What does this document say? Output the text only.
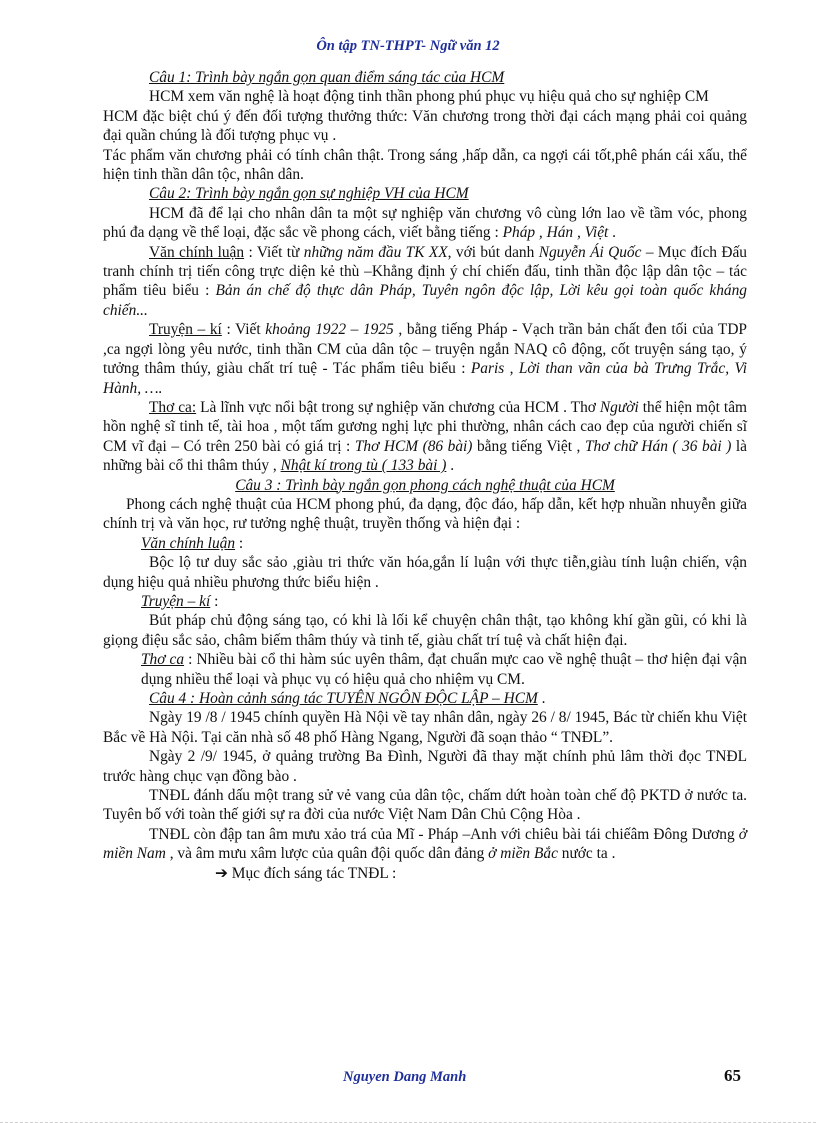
Ôn tập TN-THPT- Ngữ văn 12

Câu 1: Trình bày ngắn gọn quan điểm sáng tác của HCM

HCM xem văn nghệ là hoạt động tinh thần phong phú phục vụ hiệu quả cho sự nghiệp CM

HCM đặc biệt chú ý đến đối tượng thưởng thức: Văn chương trong thời đại cách mạng phải coi quảng đại quần chúng là đối tượng phục vụ .

Tác phẩm văn chương phải có tính chân thật. Trong sáng ,hấp dẫn, ca ngợi cái tốt,phê phán cái xấu, thể hiện tinh thần dân tộc, nhân dân.

Câu 2: Trình bày ngắn gọn sự nghiệp VH của HCM

HCM đã để lại cho nhân dân ta một sự nghiệp văn chương vô cùng lớn lao về tầm vóc, phong phú đa dạng về thể loại, đặc sắc về phong cách, viết bằng tiếng : Pháp , Hán , Việt .

Văn chính luận : Viết từ những năm đầu TK XX, với bút danh Nguyễn Ái Quốc – Mục đích Đấu tranh chính trị tiến công trực diện kẻ thù –Khẳng định ý chí chiến đấu, tinh thần độc lập dân tộc – tác phẩm tiêu biểu : Bản án chế độ thực dân Pháp, Tuyên ngôn độc lập, Lời kêu gọi toàn quốc kháng chiến...

Truyện – kí : Viết khoảng 1922 – 1925 , bằng tiếng Pháp - Vạch trần bản chất đen tối của TDP ,ca ngợi lòng yêu nước, tinh thần CM của dân tộc – truyện ngắn NAQ cô động, cốt truyện sáng tạo, ý tưởng thâm thúy, giàu chất trí tuệ - Tác phẩm tiêu biểu : Paris , Lời than vãn của bà Trưng Trắc, Vi Hành, ….

Thơ ca: Là lĩnh vực nổi bật trong sự nghiệp văn chương của HCM . Thơ Người thể hiện một tâm hồn nghệ sĩ tinh tế, tài hoa , một tấm gương nghị lực phi thường, nhân cách cao đẹp của người chiến sĩ CM vĩ đại – Có trên 250 bài có giá trị : Thơ HCM (86 bài) bằng tiếng Việt , Thơ chữ Hán ( 36 bài ) là những bài cổ thi thâm thúy , Nhật kí trong tù ( 133 bài ) .

Câu 3 : Trình bày ngắn gọn phong cách nghệ thuật của HCM

Phong cách nghệ thuật của HCM phong phú, đa dạng, độc đáo, hấp dẫn, kết hợp nhuần nhuyễn giữa chính trị và văn học, rư tưởng nghệ thuật, truyền thống và hiện đại :

Văn chính luận :

Bộc lộ tư duy sắc sảo ,giàu tri thức văn hóa,gắn lí luận với thực tiễn,giàu tính luận chiến, vận dụng hiệu quả nhiều phương thức biểu hiện .

Truyện – kí :

Bút pháp chủ động sáng tạo, có khi là lối kể chuyện chân thật, tạo không khí gần gũi, có khi là giọng điệu sắc sảo, châm biếm thâm thúy và tinh tế, giàu chất trí tuệ và chất hiện đại.

Thơ ca : Nhiều bài cổ thi hàm súc uyên thâm, đạt chuẩn mực cao về nghệ thuật – thơ hiện đại vận dụng nhiều thể loại và phục vụ có hiệu quả cho nhiệm vụ CM.

Câu 4 : Hoàn cảnh sáng tác TUYÊN NGÔN ĐỘC LẬP – HCM .

Ngày 19 /8 / 1945 chính quyền Hà Nội về tay nhân dân, ngày 26 / 8/ 1945, Bác từ chiến khu Việt Bắc về Hà Nội. Tại căn nhà số 48 phố Hàng Ngang, Người đã soạn thảo “ TNĐL”.

Ngày 2 /9/ 1945, ở quảng trường Ba Đình, Người đã thay mặt chính phủ lâm thời đọc TNĐL trước hàng chục vạn đồng bào .

TNĐL đánh dấu một trang sử vẻ vang của dân tộc, chấm dứt hoàn toàn chế độ PKTD ở nước ta. Tuyên bố với toàn thế giới sự ra đời của nước Việt Nam Dân Chủ Cộng Hòa .

TNĐL còn đập tan âm mưu xảo trá của Mĩ - Pháp –Anh với chiêu bài tái chiếâm Đông Dương ở miền Nam , và âm mưu xâm lược của quân đội quốc dân đảng ở miền Bắc nước ta .

➔ Mục đích sáng tác TNĐL :

Nguyen Dang Manh	65
